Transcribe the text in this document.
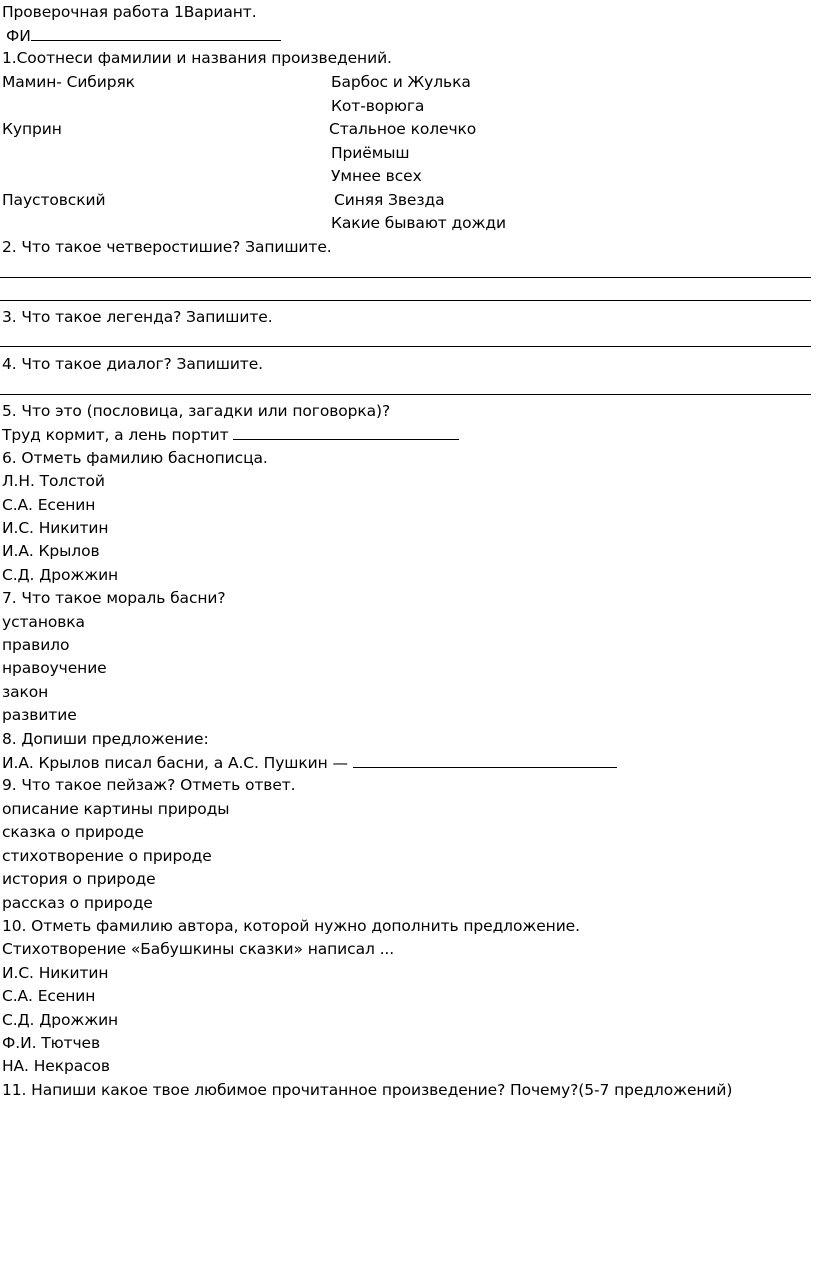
Проверочная работа 1Вариант.
ФИ
1.Соотнеси фамилии и названия произведений.
Мамин- Сибиряк
Куприн
Паустовский
Барбос и Жулька
Кот-ворюга
Стальное колечко
Приёмыш
Умнее всех
Синяя Звезда
Какие бывают дожди
2. Что такое четверостишие? Запишите.
3. Что такое легенда? Запишите.
4. Что такое диалог? Запишите.
5. Что это (пословица, загадки или поговорка)?
Труд кормит, а лень портит
6. Отметь фамилию баснописца.
Л.Н. Толстой
С.А. Есенин
И.С. Никитин
И.А. Крылов
С.Д. Дрожжин
7. Что такое мораль басни?
установка
правило
нравоучение
закон
развитие
8. Допиши предложение:
И.А. Крылов писал басни, а А.С. Пушкин —
9. Что такое пейзаж? Отметь ответ.
описание картины природы
сказка о природе
стихотворение о природе
история о природе
рассказ о природе
10. Отметь фамилию автора, которой нужно дополнить предложение.
Стихотворение «Бабушкины сказки» написал ...
И.С. Никитин
С.А. Есенин
С.Д. Дрожжин
Ф.И. Тютчев
НА. Некрасов
11. Напиши какое твое любимое прочитанное произведение? Почему?(5-7 предложений)
